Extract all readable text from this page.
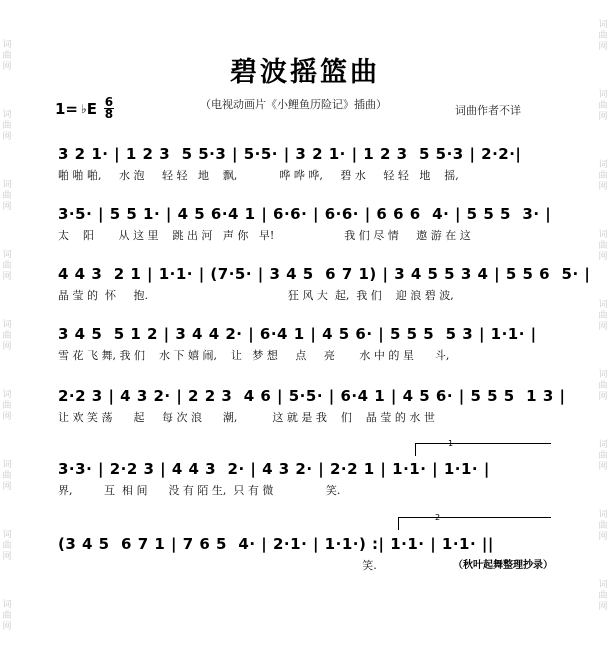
词曲网
词曲网
词曲网
词曲网
词曲网
词曲网
词曲网
词曲网
词曲网
词曲网
词曲网
词曲网
词曲网
词曲网
词曲网
词曲网
词曲网
词曲网
碧波摇篮曲
1= ♭ E 6
8
（电视动画片《小鲤鱼历险记》插曲）	词曲作者不详
3 2 1· | 1 2 3  5 5·3 | 5·5· | 3 2 1· | 1 2 3  5 5·3 | 2·2·|
啪 啪 啪,     水 泡     轻 轻   地    飘,            哗 哗 哗,     碧 水     轻 轻   地    摇,
3·5· | 5 5 1· | 4 5 6·4 1 | 6·6· | 6·6· | 6 6 6  4· | 5 5 5  3· |
太    阳       从 这 里    跳 出 河   声 你   早!                    我 们 尽 情     遨 游 在 这
4 4 3  2 1 | 1·1· | (7·5· | 3 4 5  6 7 1) | 3 4 5 5 3 4 | 5 5 6  5· |
晶 莹 的  怀     抱.                                        狂 风 大  起,  我 们    迎 浪 碧 波,
3 4 5  5 1 2 | 3 4 4 2· | 6·4 1 | 4 5 6· | 5 5 5  5 3 | 1·1· |
雪 花 飞 舞, 我 们    水 下 嬉 闹,    让   梦 想     点     亮       水 中 的 星      斗,
2·2 3 | 4 3 2· | 2 2 3  4 6 | 5·5· | 6·4 1 | 4 5 6· | 5 5 5  1 3 |
让 欢 笑 荡      起     每 次 浪      潮,          这 就 是 我    们    晶 莹 的 水 世
1
3·3· | 2·2 3 | 4 4 3  2· | 4 3 2· | 2·2 1 | 1·1· | 1·1· |
界,         互  相 间      没 有 陌 生,  只 有 微               笑.
2
(3 4 5  6 7 1 | 7 6 5  4· | 2·1· | 1·1·) :| 1·1· | 1·1· ||
笑.	（秋叶起舞整理抄录）
